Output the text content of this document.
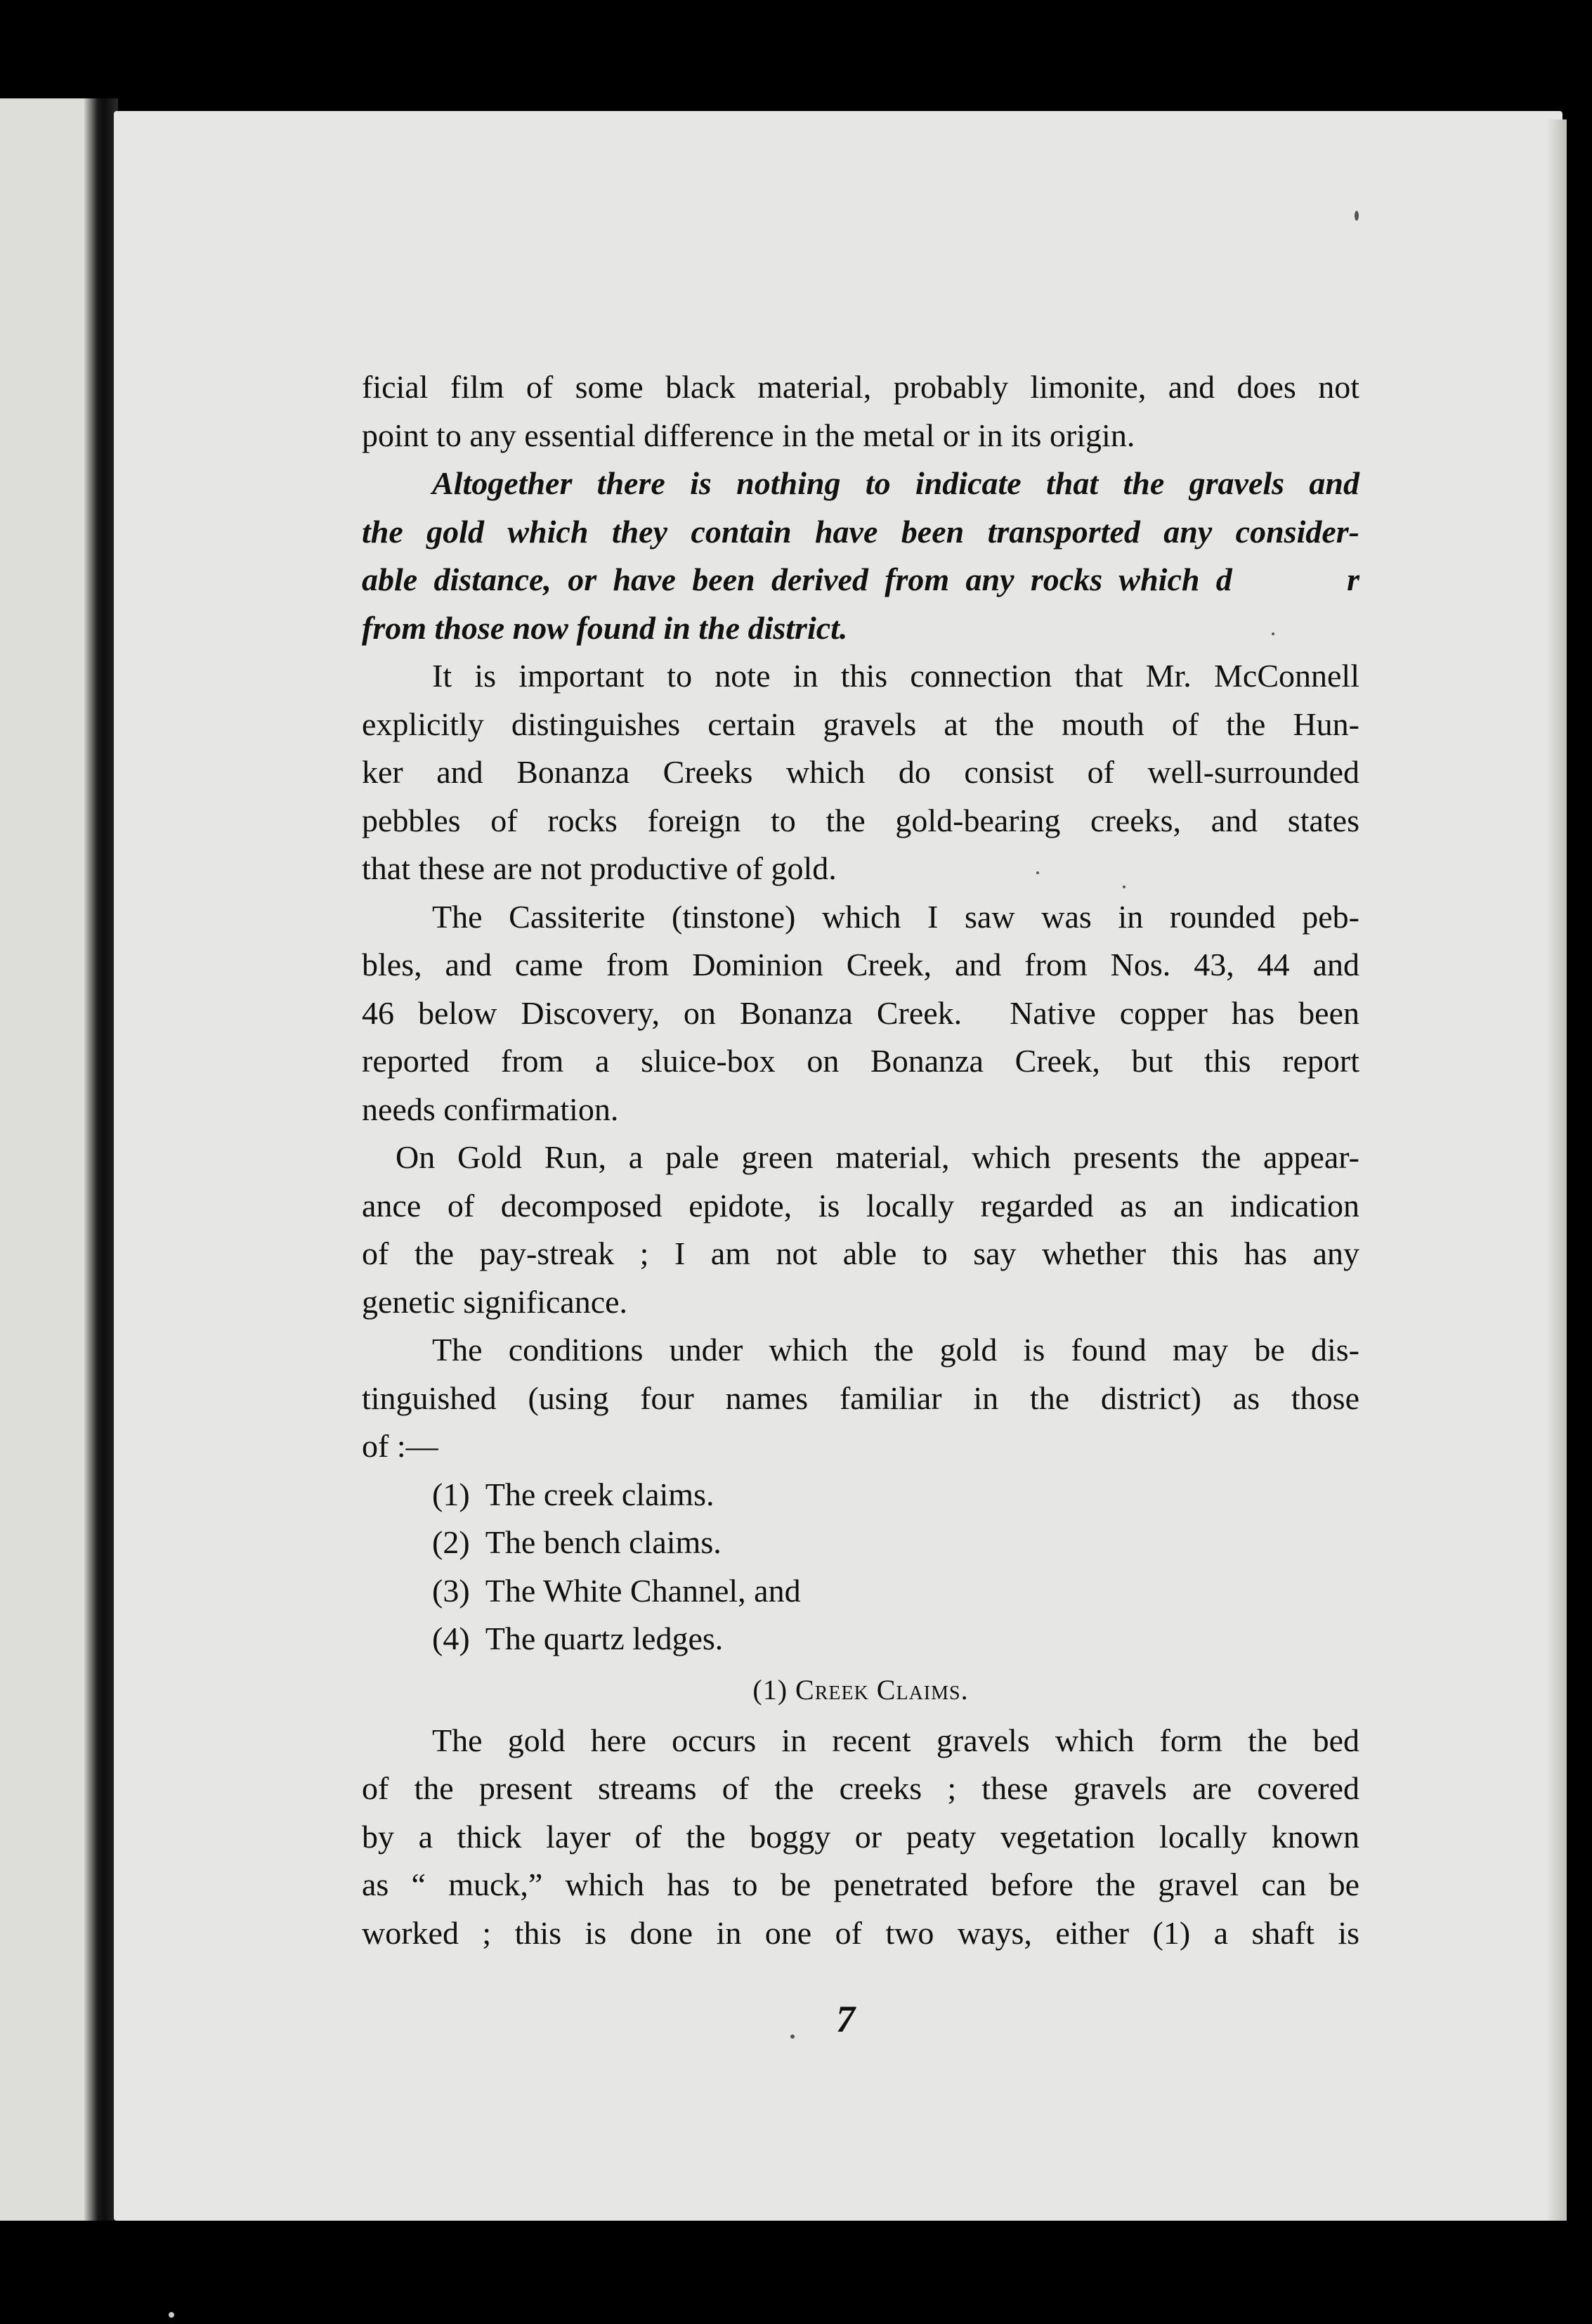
ficial film of some black material, probably limonite, and does not
point to any essential difference in the metal or in its origin.
Altogether there is nothing to indicate that the gravels and
the gold which they contain have been transported any consider-
able distance, or have been derived from any rocks which d       r
from those now found in the district.
It is important to note in this connection that Mr. McConnell
explicitly distinguishes certain gravels at the mouth of the Hun-
ker and Bonanza Creeks which do consist of well-surrounded
pebbles of rocks foreign to the gold-bearing creeks, and states
that these are not productive of gold.
The Cassiterite (tinstone) which I saw was in rounded peb-
bles, and came from Dominion Creek, and from Nos. 43, 44 and
46 below Discovery, on Bonanza Creek.  Native copper has been
reported from a sluice-box on Bonanza Creek, but this report
needs confirmation.
On Gold Run, a pale green material, which presents the appear-
ance of decomposed epidote, is locally regarded as an indication
of the pay-streak ; I am not able to say whether this has any
genetic significance.
The conditions under which the gold is found may be dis-
tinguished (using four names familiar in the district) as those
of :—
(1)  The creek claims.
(2)  The bench claims.
(3)  The White Channel, and
(4)  The quartz ledges.
(1) Creek Claims.
The gold here occurs in recent gravels which form the bed
of the present streams of the creeks ; these gravels are covered
by a thick layer of the boggy or peaty vegetation locally known
as “ muck,” which has to be penetrated before the gravel can be
worked ; this is done in one of two ways, either (1) a shaft is
7
